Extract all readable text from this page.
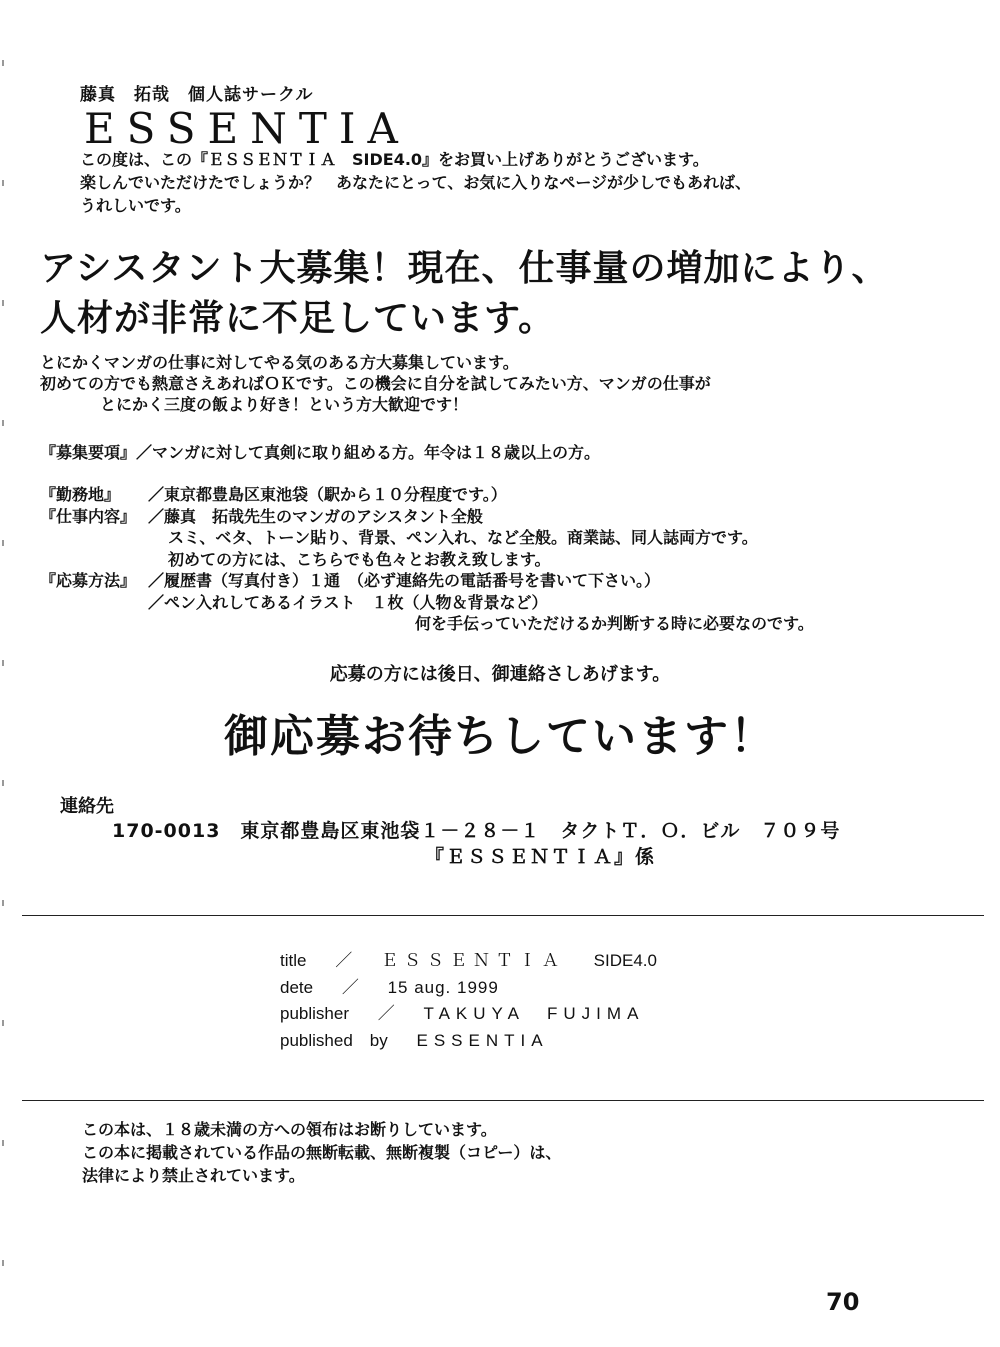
藤真　拓哉　個人誌サークル

ESSENTIA

この度は、この『ＥＳＳＥＮＴＩＡ　SIDE4.0』をお買い上げありがとうございます。
楽しんでいただけたでしょうか？　あなたにとって、お気に入りなページが少しでもあれば、
うれしいです。
アシスタント大募集！現在、仕事量の増加により、
人材が非常に不足しています。
とにかくマンガの仕事に対してやる気のある方大募集しています。
初めての方でも熱意さえあればＯＫです。この機会に自分を試してみたい方、マンガの仕事が
とにかく三度の飯より好き！という方大歓迎です！
『募集要項』／マンガに対して真剣に取り組める方。年令は１８歳以上の方。
『勤務地』	／東京都豊島区東池袋（駅から１０分程度です。）
『仕事内容』 ／藤真　拓哉先生のマンガのアシスタント全般
スミ、ベタ、トーン貼り、背景、ペン入れ、など全般。商業誌、同人誌両方です。
初めての方には、こちらでも色々とお教え致します。
『応募方法』 ／履歴書（写真付き）１通　（必ず連絡先の電話番号を書いて下さい。）
／ペン入れしてあるイラスト　１枚（人物＆背景など）
何を手伝っていただけるか判断する時に必要なのです。

応募の方には後日、御連絡さしあげます。

御応募お待ちしています！

連絡先

170-0013　東京都豊島区東池袋１－２８－１　タクトＴ．Ｏ．ビル　７０９号

『ＥＳＳＥＮＴＩＡ』係

title ／ ＥＳＳＥＮＴＩＡ SIDE4.0
dete ／ 15 aug. 1999
publisher ／ TAKUYA　FUJIMA
published　by ESSENTIA
この本は、１８歳未満の方への領布はお断りしています。
この本に掲載されている作品の無断転載、無断複製（コピー）は、
法律により禁止されています。

70
